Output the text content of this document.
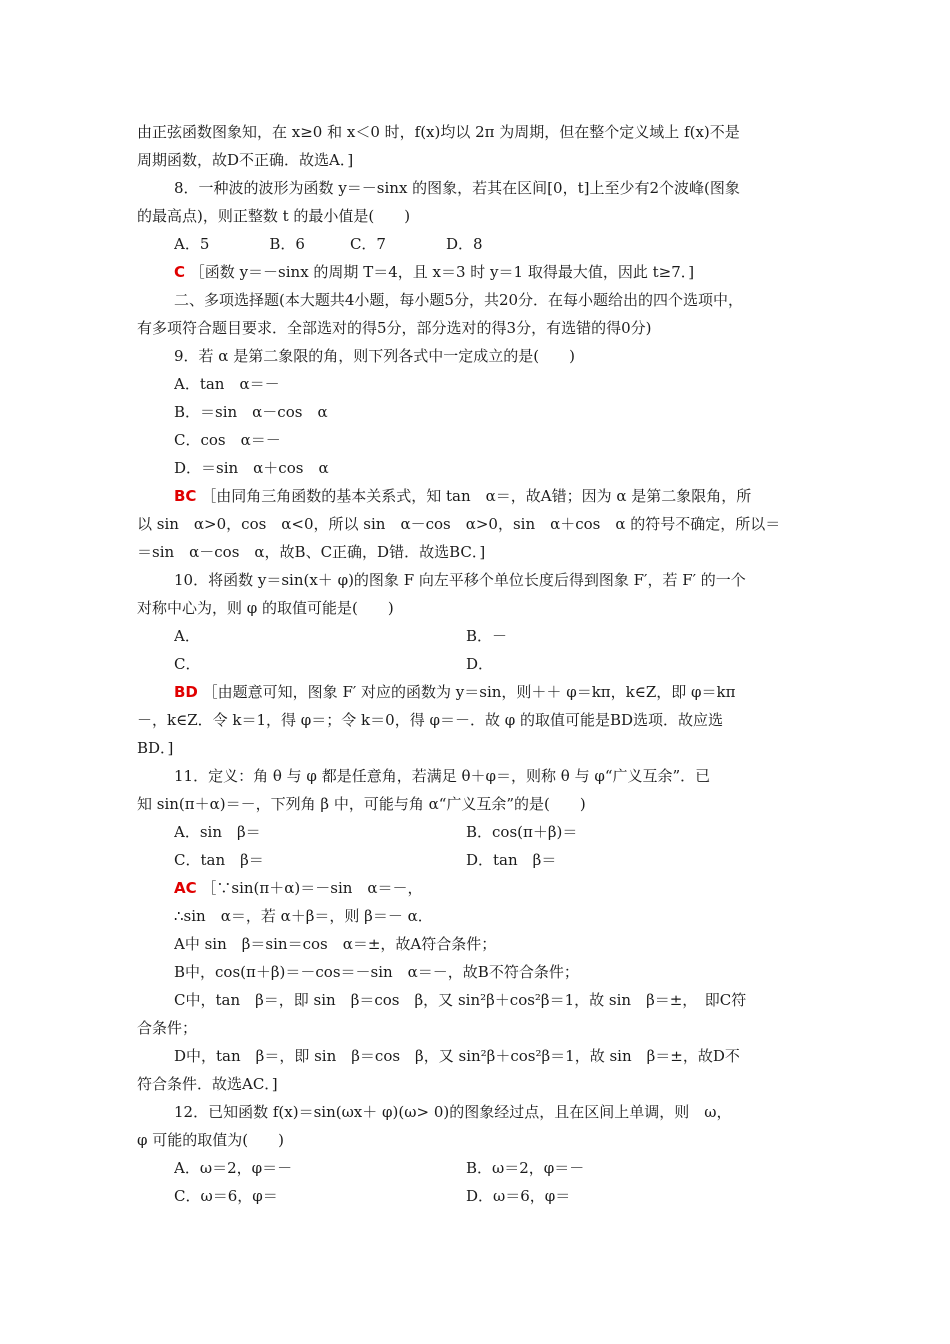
由正弦函数图象知，在 x≥0 和 x＜0 时，f(x)均以 2π 为周期，但在整个定义域上 f(x)不是
周期函数，故D不正确．故选A．]
8．一种波的波形为函数 y＝－sinx 的图象，若其在区间[0，t]上至少有2个波峰(图象
的最高点)，则正整数 t 的最小值是(　　)
A．5　　　　B．6　　　C．7　　　　D．8
C ［函数 y＝－sinx 的周期 T＝4，且 x＝3 时 y＝1 取得最大值，因此 t≥7．]
二、多项选择题(本大题共4小题，每小题5分，共20分．在每小题给出的四个选项中，
有多项符合题目要求．全部选对的得5分，部分选对的得3分，有选错的得0分)
9．若 α 是第二象限的角，则下列各式中一定成立的是(　　)
A．tan　α＝－
B．＝sin　α－cos　α
C．cos　α＝－
D．＝sin　α＋cos　α
BC ［由同角三角函数的基本关系式，知 tan　α＝，故A错；因为 α 是第二象限角，所
以 sin　α>0，cos　α<0，所以 sin　α－cos　α>0，sin　α＋cos　α 的符号不确定，所以＝
＝sin　α－cos　α，故B、C正确，D错．故选BC．]
10．将函数 y＝sin(x＋ φ)的图象 F 向左平移个单位长度后得到图象 F′，若 F′ 的一个
对称中心为，则 φ 的取值可能是(　　)
A．	B．－
C．	D．
BD ［由题意可知，图象 F′ 对应的函数为 y＝sin，则＋＋ φ＝kπ，k∈Z，即 φ＝kπ
－，k∈Z．令 k＝1，得 φ＝；令 k＝0，得 φ＝－．故 φ 的取值可能是BD选项．故应选
BD．]
11．定义：角 θ 与 φ 都是任意角，若满足 θ＋φ＝，则称 θ 与 φ“广义互余”．已
知 sin(π＋α)＝－，下列角 β 中，可能与角 α“广义互余”的是(　　)
A．sin　β＝	B．cos(π＋β)＝
C．tan　β＝	D．tan　β＝
AC ［∵sin(π＋α)＝－sin　α＝－，
∴sin　α＝，若 α＋β＝，则 β＝－ α．
A中 sin　β＝sin＝cos　α＝±，故A符合条件；
B中，cos(π＋β)＝－cos＝－sin　α＝－，故B不符合条件；
C中，tan　β＝，即 sin　β＝cos　β，又 sin²β＋cos²β＝1，故 sin　β＝±，　即C符
合条件；
D中，tan　β＝，即 sin　β＝cos　β，又 sin²β＋cos²β＝1，故 sin　β＝±，故D不
符合条件．故选AC．]
12．已知函数 f(x)＝sin(ωx＋ φ)(ω> 0)的图象经过点，且在区间上单调，则　ω，
φ 可能的取值为(　　)
A．ω＝2，φ＝－	B．ω＝2，φ＝－
C．ω＝6，φ＝	D．ω＝6，φ＝
